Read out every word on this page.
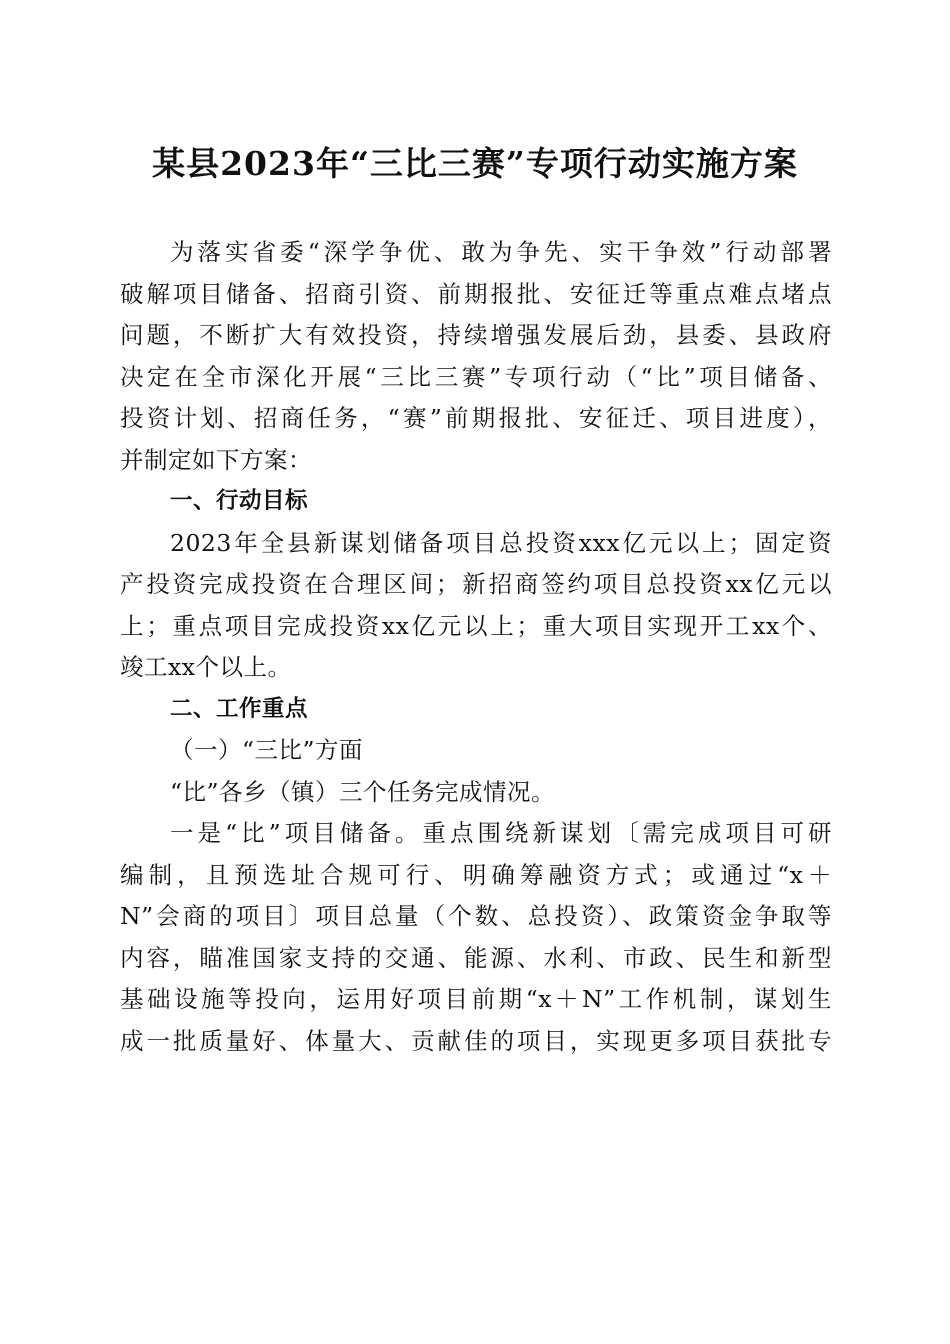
某县2023年“三比三赛”专项行动实施方案
为落实省委“深学争优、敢为争先、实干争效”行动部署
破解项目储备、招商引资、前期报批、安征迁等重点难点堵点
问题，不断扩大有效投资，持续增强发展后劲，县委、县政府
决定在全市深化开展“三比三赛”专项行动（“比”项目储备、
投资计划、招商任务，“赛”前期报批、安征迁、项目进度），
并制定如下方案：
一、行动目标
2023年全县新谋划储备项目总投资xxx亿元以上；固定资
产投资完成投资在合理区间；新招商签约项目总投资xx亿元以
上；重点项目完成投资xx亿元以上；重大项目实现开工xx个、
竣工xx个以上。
二、工作重点
（一）“三比”方面
“比”各乡（镇）三个任务完成情况。
一是“比”项目储备。重点围绕新谋划〔需完成项目可研
编制，且预选址合规可行、明确筹融资方式；或通过“x＋
N”会商的项目〕项目总量（个数、总投资）、政策资金争取等
内容，瞄准国家支持的交通、能源、水利、市政、民生和新型
基础设施等投向，运用好项目前期“x＋N”工作机制，谋划生
成一批质量好、体量大、贡献佳的项目，实现更多项目获批专
